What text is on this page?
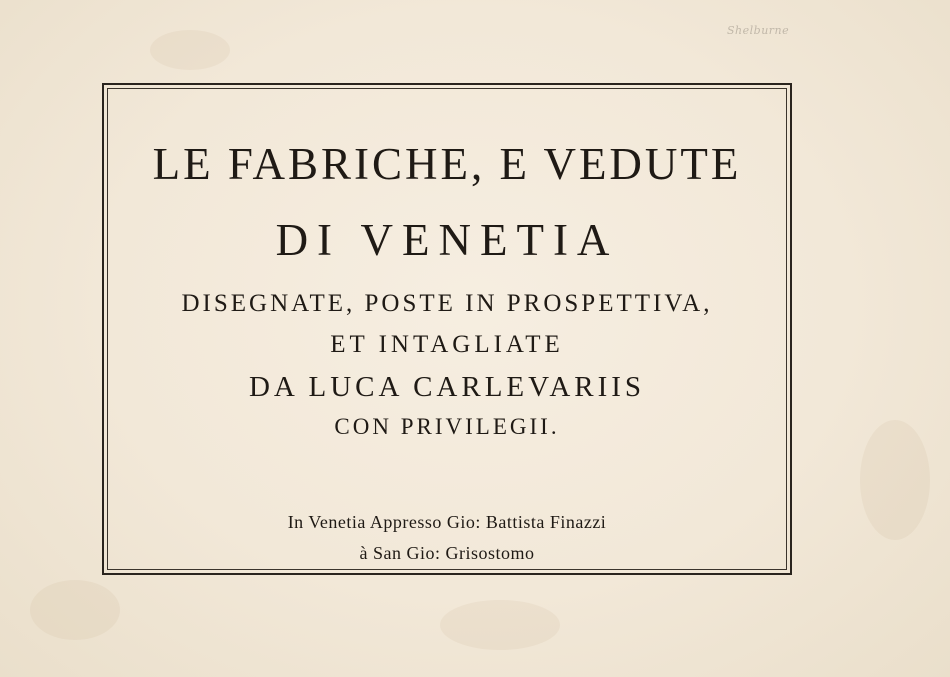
Shelburne
LE FABRICHE, E VEDUTE
DI VENETIA
DISEGNATE, POSTE IN PROSPETTIVA,
ET INTAGLIATE
DA LUCA CARLEVARIIS
CON PRIVILEGII.
In Venetia Appresso Gio: Battista Finazzi
à San Gio: Grisostomo
